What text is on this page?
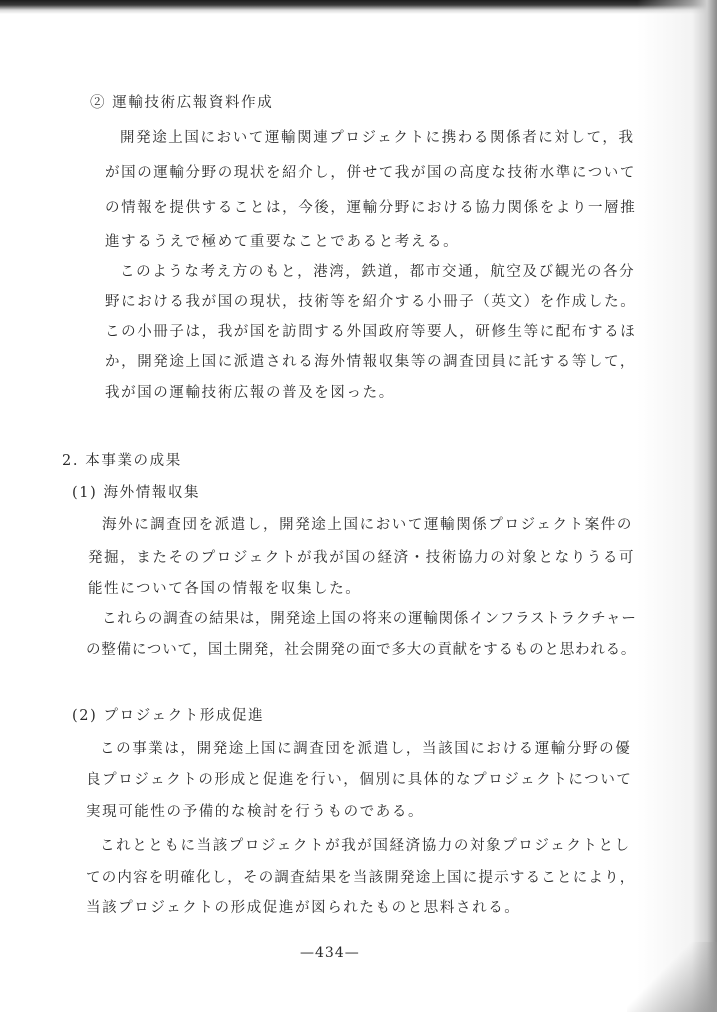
② 運輸技術広報資料作成
開発途上国において運輸関連プロジェクトに携わる関係者に対して，我
が国の運輸分野の現状を紹介し，併せて我が国の高度な技術水準について
の情報を提供することは，今後，運輸分野における協力関係をより一層推
進するうえで極めて重要なことであると考える。
このような考え方のもと，港湾，鉄道，都市交通，航空及び観光の各分
野における我が国の現状，技術等を紹介する小冊子（英文）を作成した。
この小冊子は，我が国を訪問する外国政府等要人，研修生等に配布するほ
か，開発途上国に派遣される海外情報収集等の調査団員に託する等して，
我が国の運輸技術広報の普及を図った。
2. 本事業の成果
(1) 海外情報収集
海外に調査団を派遣し，開発途上国において運輸関係プロジェクト案件の
発掘，またそのプロジェクトが我が国の経済・技術協力の対象となりうる可
能性について各国の情報を収集した。
これらの調査の結果は，開発途上国の将来の運輸関係インフラストラクチャー
の整備について，国土開発，社会開発の面で多大の貢献をするものと思われる。
(2) プロジェクト形成促進
この事業は，開発途上国に調査団を派遣し，当該国における運輸分野の優
良プロジェクトの形成と促進を行い，個別に具体的なプロジェクトについて
実現可能性の予備的な検討を行うものである。
これとともに当該プロジェクトが我が国経済協力の対象プロジェクトとし
ての内容を明確化し，その調査結果を当該開発途上国に提示することにより，
当該プロジェクトの形成促進が図られたものと思料される。
—434—
